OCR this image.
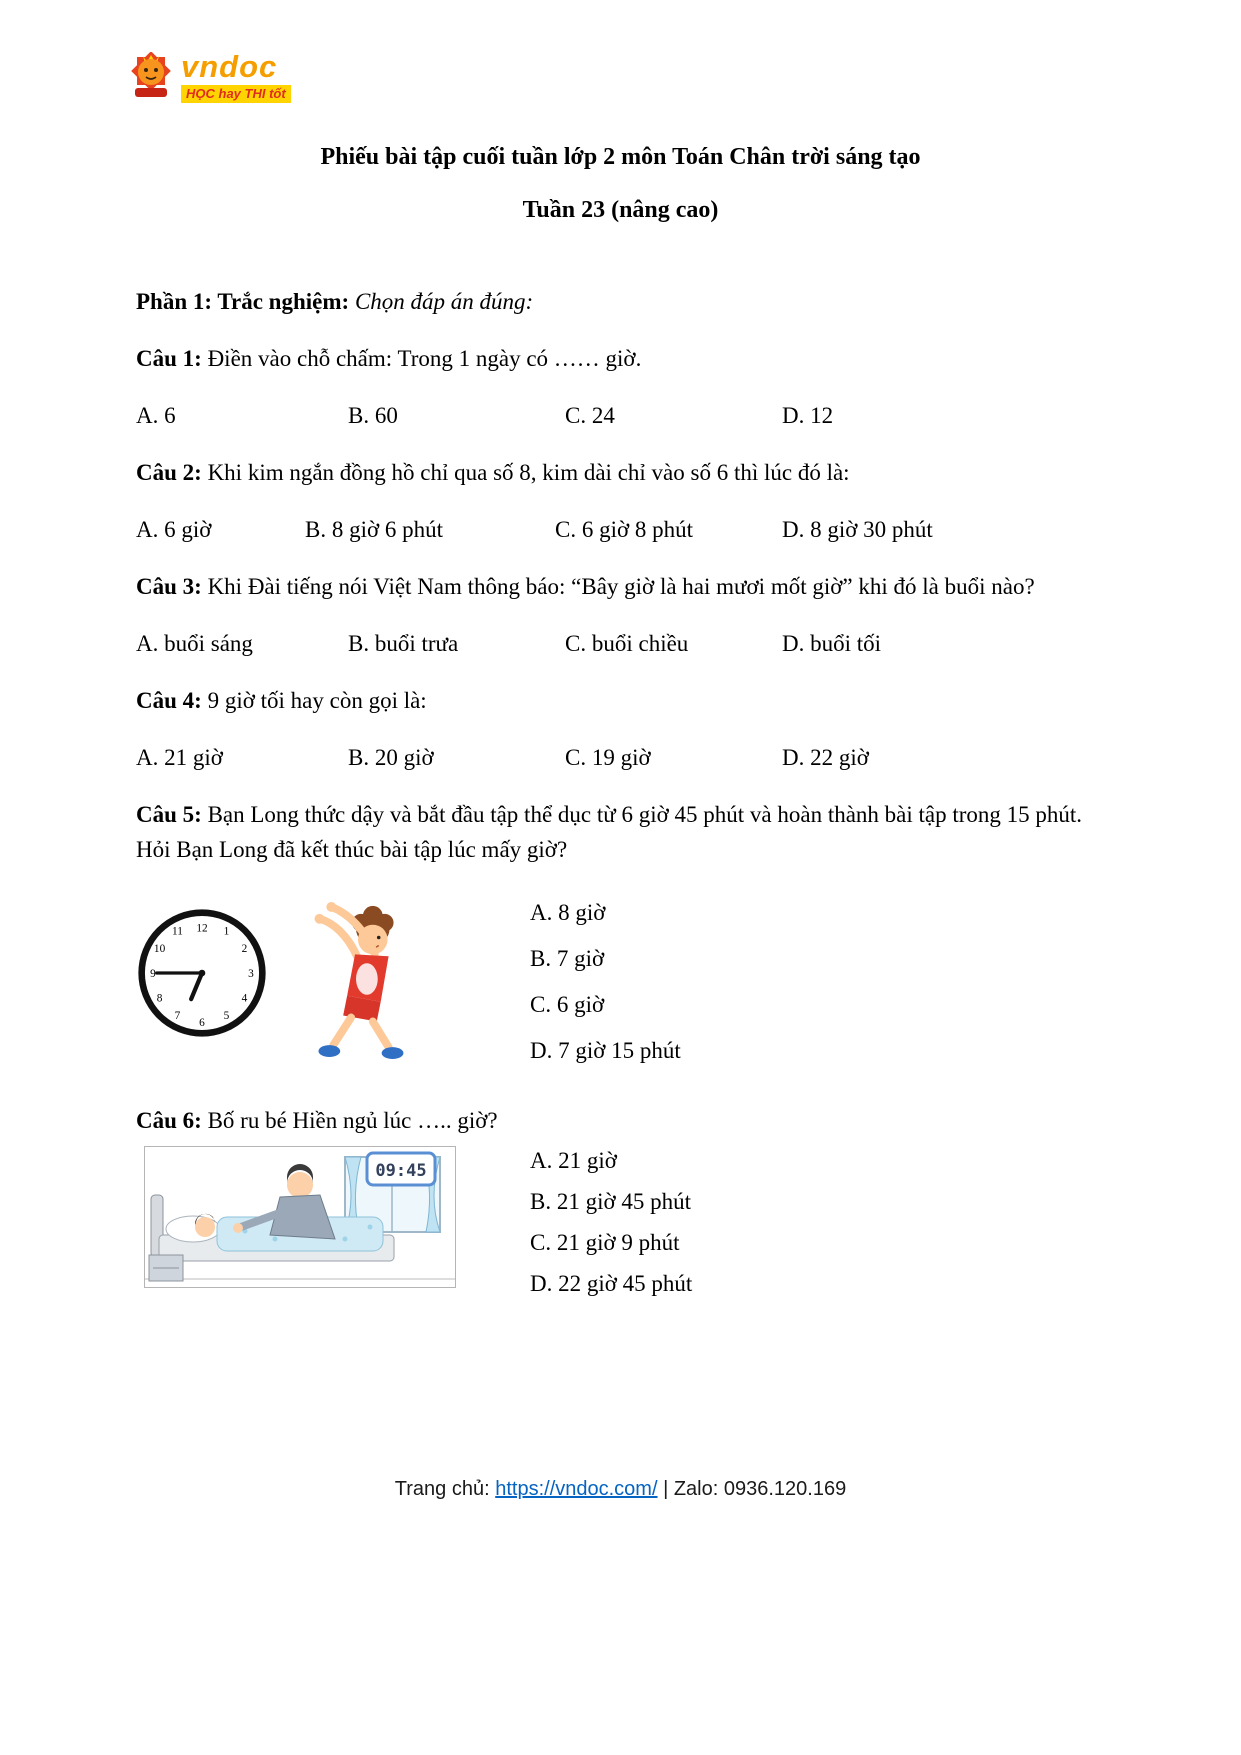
vndoc
HỌC hay THI tốt
Phiếu bài tập cuối tuần lớp 2 môn Toán Chân trời sáng tạo
Tuần 23 (nâng cao)

Phần 1: Trắc nghiệm: Chọn đáp án đúng:

Câu 1: Điền vào chỗ chấm: Trong 1 ngày có …… giờ.

A. 6	B. 60	C. 24	D. 12

Câu 2: Khi kim ngắn đồng hồ chỉ qua số 8, kim dài chỉ vào số 6 thì lúc đó là:

A. 6 giờ	B. 8 giờ 6 phút	C. 6 giờ 8 phút	D. 8 giờ 30 phút

Câu 3: Khi Đài tiếng nói Việt Nam thông báo: “Bây giờ là hai mươi mốt giờ” khi đó là buổi nào?

A. buổi sáng	B. buổi trưa	C. buổi chiều	D. buổi tối

Câu 4: 9 giờ tối hay còn gọi là:

A. 21 giờ	B. 20 giờ	C. 19 giờ	D. 22 giờ

Câu 5: Bạn Long thức dậy và bắt đầu tập thể dục từ 6 giờ 45 phút và hoàn thành bài tập trong 15 phút. Hỏi Bạn Long đã kết thúc bài tập lúc mấy giờ?

1
2
3
4
5
6
7
8
9
10
11 12
A. 8 giờ
B. 7 giờ
C. 6 giờ
D. 7 giờ 15 phút

Câu 6: Bố ru bé Hiền ngủ lúc ….. giờ?

09:45	A. 21 giờ
B. 21 giờ 45 phút
C. 21 giờ 9 phút
D. 22 giờ 45 phút
Trang chủ: https://vndoc.com/ | Zalo: 0936.120.169
